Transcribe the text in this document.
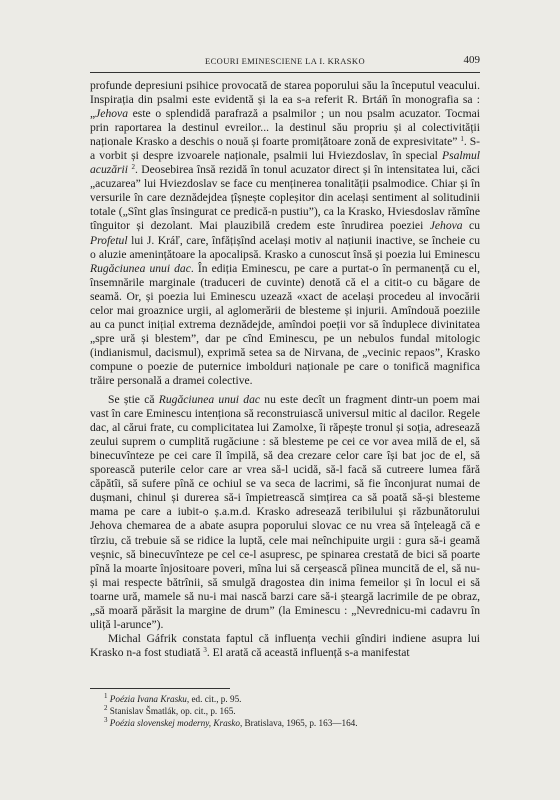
ECOURI EMINESCIENE LA I. KRASKO	409

profunde depresiuni psihice provocată de starea poporului său la începutul veacului. Inspirația din psalmi este evidentă și la ea s-a referit R. Brtáň în monografia sa : „Jehova este o splendidă parafrază a psalmilor ; un nou psalm acuzator. Tocmai prin raportarea la destinul evreilor... la destinul său propriu și al colectivității naționale Krasko a deschis o nouă și foarte promițătoare zonă de expresivitate” $^1$. S-a vorbit și despre izvoarele naționale, psalmii lui Hviezdoslav, în special Psalmul acuzării $^2$. Deosebirea însă rezidă în tonul acuzator direct și în intensitatea lui, căci „acuzarea” lui Hviezdoslav se face cu menținerea tonalității psalmodice. Chiar și în versurile în care deznădejdea țîșnește copleșitor din același sentiment al solitudinii totale („Sînt glas însingurat ce predică-n pustiu”), ca la Krasko, Hviesdoslav rămîne tînguitor și dezolant. Mai plauzibilă credem este înrudirea poeziei Jehova cu Profetul lui J. Kráľ, care, înfățișînd același motiv al națiunii inactive, se încheie cu o aluzie amenințătoare la apocalipsă. Krasko a cunoscut însă și poezia lui Eminescu Rugăciunea unui dac. În ediția Eminescu, pe care a purtat-o în permanență cu el, însemnările marginale (traduceri de cuvinte) denotă că el a citit-o cu băgare de seamă. Or, și poezia lui Eminescu uzează «xact de același procedeu al invocării celor mai groaznice urgii, al aglomerării de blesteme și injurii. Amîndouă poeziile au ca punct inițial extrema deznădejde, amîndoi poeții vor să înduplece divinitatea „spre ură și blestem”, dar pe cînd Eminescu, pe un nebulos fundal mitologic (indianismul, dacismul), exprimă setea sa de Nirvana, de „vecinic repaos”, Krasko compune o poezie de puternice imbolduri naționale pe care o tonifică magnifica trăire personală a dramei colective.

Se știe că Rugăciunea unui dac nu este decît un fragment dintr-un poem mai vast în care Eminescu intenționa să reconstruiască universul mitic al dacilor. Regele dac, al cărui frate, cu complicitatea lui Zamolxe, îi răpește tronul și soția, adresează zeului suprem o cumplită rugăciune : să blesteme pe cei ce vor avea milă de el, să binecuvînteze pe cei care îl împilă, să dea crezare celor care își bat joc de el, să sporească puterile celor care ar vrea să-l ucidă, să-l facă să cutreere lumea fără căpătîi, să sufere pînă ce ochiul se va seca de lacrimi, să fie înconjurat numai de dușmani, chinul și durerea să-i împietrească simțirea ca să poată să-și blesteme mama pe care a iubit-o ș.a.m.d. Krasko adresează teribilului și răzbunătorului Jehova chemarea de a abate asupra poporului slovac ce nu vrea să înțeleagă că e tîrziu, că trebuie să se ridice la luptă, cele mai neînchipuite urgii : gura să-i geamă veșnic, să binecuvînteze pe cel ce-l asupresc, pe spinarea crestată de bici să poarte pînă la moarte înjositoare poveri, mîna lui să cerșească pîinea muncită de el, să nu-și mai respecte bătrînii, să smulgă dragostea din inima femeilor și în locul ei să toarne ură, mamele să nu-i mai nască barzi care să-i șteargă lacrimile de pe obraz, „să moară părăsit la margine de drum” (la Eminescu : „Nevrednicu-mi cadavru în uliță l-arunce”).

Michal Gáfrik constata faptul că influența vechii gîndiri indiene asupra lui Krasko n-a fost studiată $^3$. El arată că această influență s-a manifestat

$^1$ Poézia Ivana Krasku, ed. cit., p. 95.
$^2$ Stanislav Šmatlák, op. cit., p. 165.
$^3$ Poézia slovenskej moderny, Krasko, Bratislava, 1965, p. 163—164.
